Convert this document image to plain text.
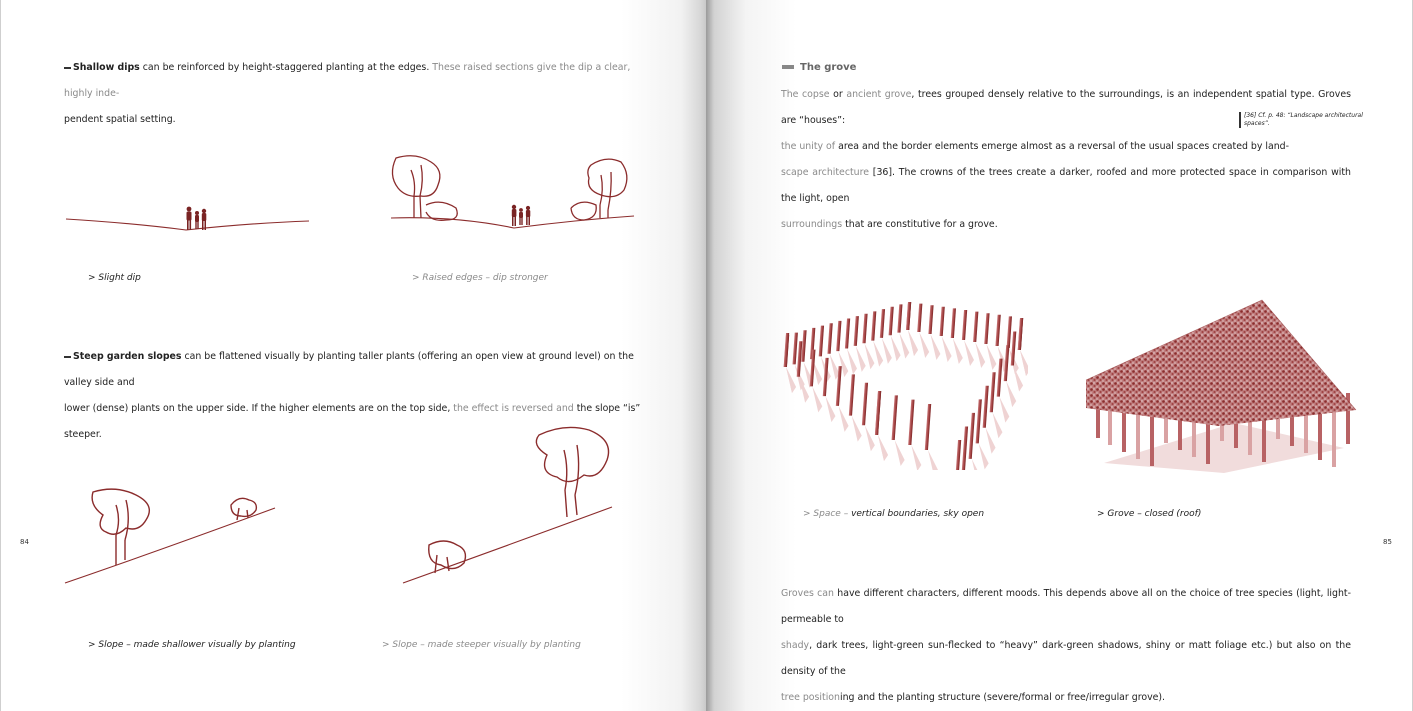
Shallow dips can be reinforced by height-staggered planting at the edges. These raised sections give the dip a clear, highly inde-
pendent spatial setting.

> Slight dip	> Raised edges – dip stronger

Steep garden slopes can be flattened visually by planting taller plants (offering an open view at ground level) on the valley side and
lower (dense) plants on the upper side. If the higher elements are on the top side, the effect is reversed and the slope “is” steeper.

> Slope – made shallower visually by planting	> Slope – made steeper visually by planting

84

The grove

The copse or ancient grove, trees grouped densely relative to the surroundings, is an independent spatial type. Groves are “houses”:
the unity of area and the border elements emerge almost as a reversal of the usual spaces created by land-
scape architecture [36]. The crowns of the trees create a darker, roofed and more protected space in comparison with the light, open
surroundings that are constitutive for a grove.

[36] Cf. p. 48: “Landscape architectural spaces”.

> Space – vertical boundaries, sky open	> Grove – closed (roof)

85

Groves can have different characters, different moods. This depends above all on the choice of tree species (light, light-permeable to
shady, dark trees, light-green sun-flecked to “heavy” dark-green shadows, shiny or matt foliage etc.) but also on the density of the
tree positioning and the planting structure (severe/formal or free/irregular grove).
